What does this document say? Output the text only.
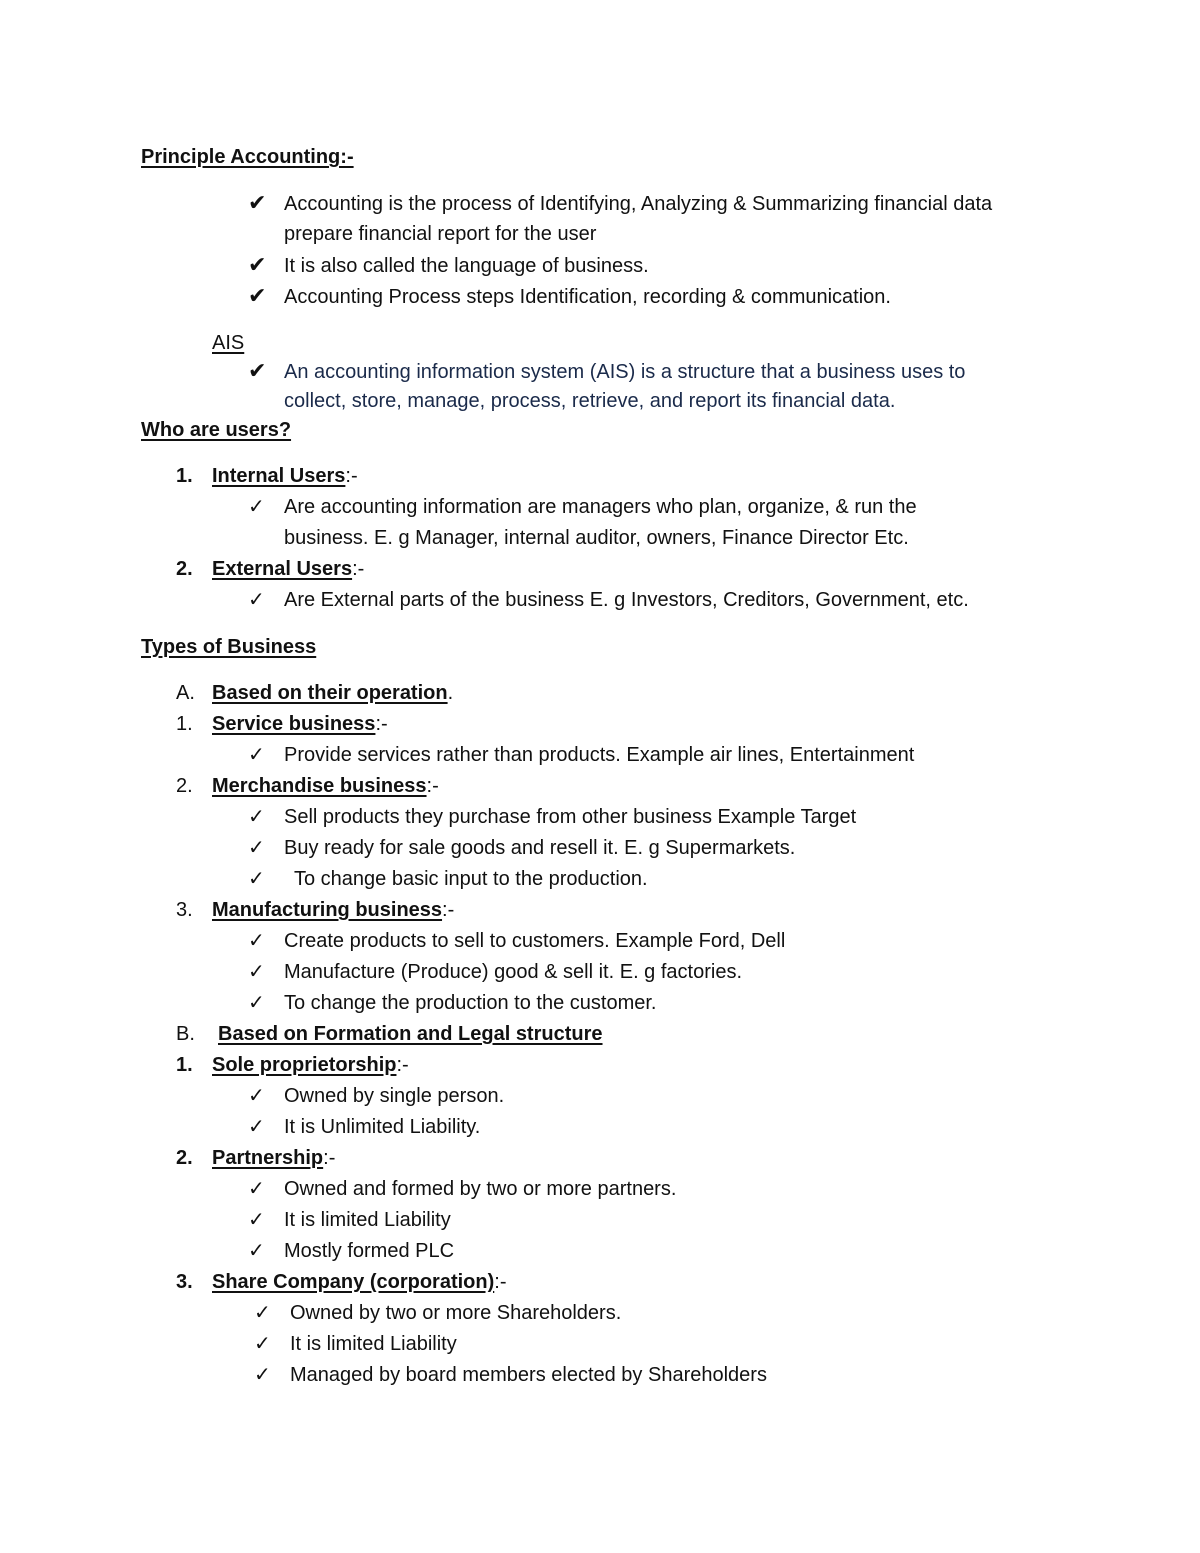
Principle Accounting:-
✔ Accounting is the process of Identifying, Analyzing & Summarizing financial data
prepare financial report for the user
✔ It is also called the language of business.
✔ Accounting Process steps Identification, recording & communication.
AIS
✔ An accounting information system (AIS) is a structure that a business uses to
collect, store, manage, process, retrieve, and report its financial data.
Who are users?
1. Internal Users:-
✓ Are accounting information are managers who plan, organize, & run the
business. E. g Manager, internal auditor, owners, Finance Director Etc.
2. External Users:-
✓ Are External parts of the business E. g Investors, Creditors, Government, etc.
Types of Business
A. Based on their operation.
1. Service business:-
✓ Provide services rather than products. Example air lines, Entertainment
2. Merchandise business:-
✓ Sell products they purchase from other business Example Target
✓ Buy ready for sale goods and resell it. E. g Supermarkets.
✓ To change basic input to the production.
3. Manufacturing business:-
✓ Create products to sell to customers. Example Ford, Dell
✓ Manufacture (Produce) good & sell it. E. g factories.
✓ To change the production to the customer.
B. Based on Formation and Legal structure
1. Sole proprietorship:-
✓ Owned by single person.
✓ It is Unlimited Liability.
2. Partnership:-
✓ Owned and formed by two or more partners.
✓ It is limited Liability
✓ Mostly formed PLC
3. Share Company (corporation):-
✓ Owned by two or more Shareholders.
✓ It is limited Liability
✓ Managed by board members elected by Shareholders
